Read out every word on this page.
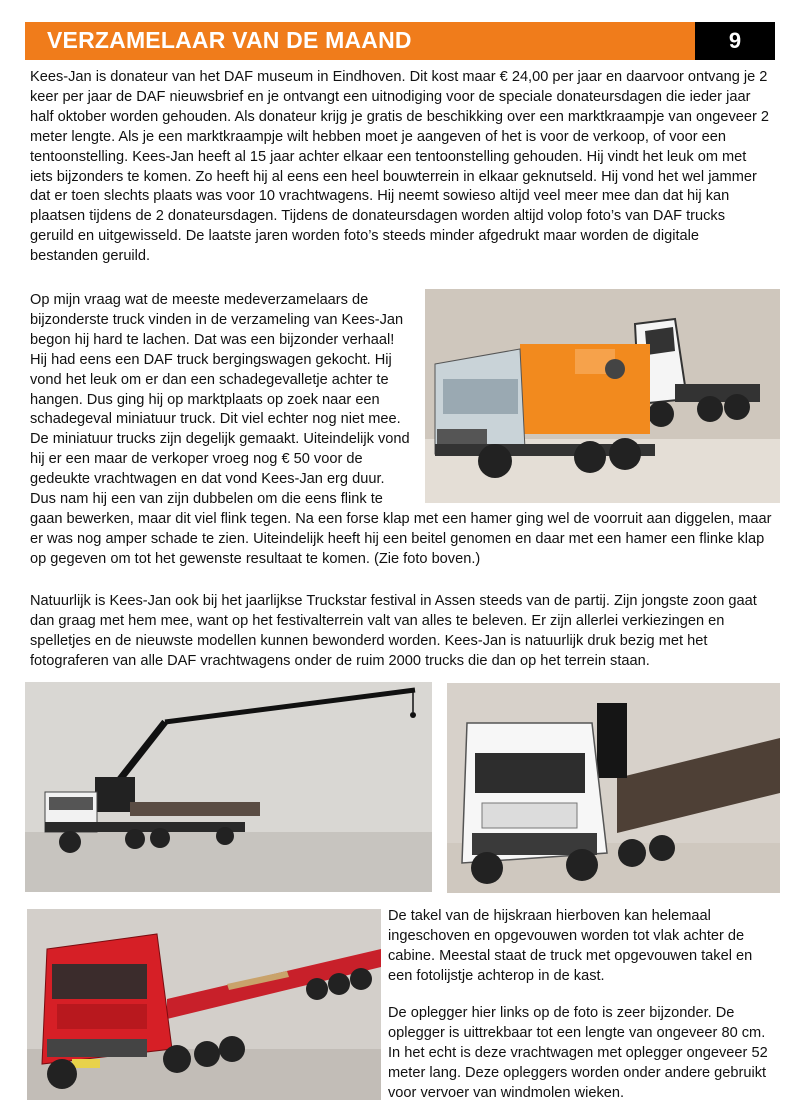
VERZAMELAAR VAN DE MAAND	9

Kees-Jan is donateur van het DAF museum in Eindhoven. Dit kost maar € 24,00 per jaar en daarvoor ontvang je 2 keer per jaar de DAF nieuwsbrief en je ontvangt een uitnodiging voor de speciale donateursdagen die ieder jaar half oktober worden gehouden. Als donateur krijg je gratis de beschikking over een marktkraampje van ongeveer 2 meter lengte. Als je een marktkraampje wilt hebben moet je aangeven of het is voor de verkoop, of voor een tentoonstelling. Kees-Jan heeft al 15 jaar achter elkaar een tentoonstelling gehouden. Hij vindt het leuk om met iets bijzonders te komen. Zo heeft hij al eens een heel bouwterrein in elkaar geknutseld. Hij vond het wel jammer dat er toen slechts plaats was voor 10 vrachtwagens. Hij neemt sowieso altijd veel meer mee dan dat hij kan plaatsen tijdens de 2 donateursdagen. Tijdens de donateursdagen worden altijd volop foto’s van DAF trucks geruild en uitgewisseld. De laatste jaren worden foto’s steeds minder afgedrukt maar worden de digitale bestanden geruild.

Op mijn vraag wat de meeste medeverzamelaars de bijzonderste truck vinden in de verzameling van Kees-Jan begon hij hard te lachen. Dat was een bijzonder verhaal! Hij had eens een DAF truck bergingswagen gekocht. Hij vond het leuk om er dan een schadegevalletje achter te hangen. Dus ging hij op marktplaats op zoek naar een schadegeval miniatuur truck. Dit viel echter nog niet mee. De miniatuur trucks zijn degelijk gemaakt. Uiteindelijk vond hij er een maar de verkoper vroeg nog € 50 voor de gedeukte vrachtwagen en dat vond Kees-Jan erg duur. Dus nam hij een van zijn dubbelen om die eens flink te

gaan bewerken, maar dit viel flink tegen. Na een forse klap met een hamer ging wel de voorruit aan diggelen, maar er was nog amper schade te zien. Uiteindelijk heeft hij een beitel genomen en daar met een hamer een flinke klap op gegeven om tot het gewenste resultaat te komen. (Zie foto boven.)

Natuurlijk is Kees-Jan ook bij het jaarlijkse Truckstar festival in Assen steeds van de partij. Zijn jongste zoon gaat dan graag met hem mee, want op het festivalterrein valt van alles te beleven. Er zijn allerlei verkiezingen en spelletjes en de nieuwste modellen kunnen bewonderd worden. Kees-Jan is natuurlijk druk bezig met het fotograferen van alle DAF vrachtwagens onder de ruim 2000 trucks die dan op het terrein staan.

De takel van de hijskraan hierboven kan helemaal ingeschoven en opgevouwen worden tot vlak achter de cabine. Meestal staat de truck met opgevouwen takel en een fotolijstje achterop in de kast.

De oplegger hier links op de foto is zeer bijzonder. De oplegger is uittrekbaar tot een lengte van ongeveer 80 cm. In het echt is deze vrachtwagen met oplegger ongeveer 52 meter lang. Deze opleggers worden onder andere gebruikt voor vervoer van windmolen wieken.
